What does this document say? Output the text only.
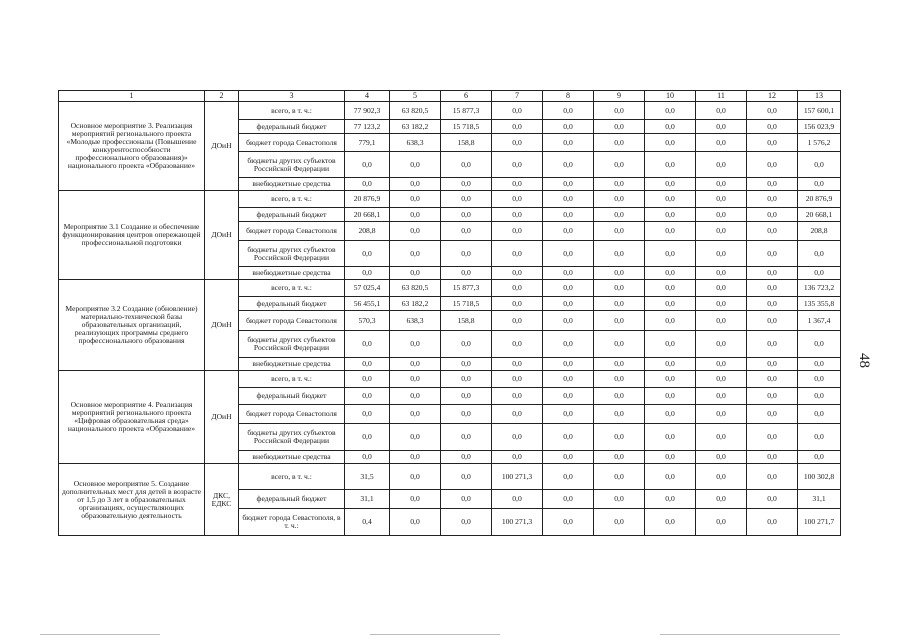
1	2	3	4	5	6	7	8	9	10	11	12	13
Основное мероприятие 3. Реализация мероприятий регионального проекта «Молодые профессионалы (Повышение конкурентоспособности профессионального образования)» национального проекта «Образование»	ДОиН	всего, в т. ч.:	77 902,3	63 820,5	15 877,3	0,0	0,0	0,0	0,0	0,0	0,0	157 600,1
		федеральный бюджет	77 123,2	63 182,2	15 718,5	0,0	0,0	0,0	0,0	0,0	0,0	156 023,9
		бюджет города Севастополя	779,1	638,3	158,8	0,0	0,0	0,0	0,0	0,0	0,0	1 576,2
		бюджеты других субъектов Российской Федерации	0,0	0,0	0,0	0,0	0,0	0,0	0,0	0,0	0,0	0,0
		внебюджетные средства	0,0	0,0	0,0	0,0	0,0	0,0	0,0	0,0	0,0	0,0
Мероприятие 3.1 Создание и обеспечение функционирования центров опережающей профессиональной подготовки	ДОиН	всего, в т. ч.:	20 876,9	0,0	0,0	0,0	0,0	0,0	0,0	0,0	0,0	20 876,9
		федеральный бюджет	20 668,1	0,0	0,0	0,0	0,0	0,0	0,0	0,0	0,0	20 668,1
		бюджет города Севастополя	208,8	0,0	0,0	0,0	0,0	0,0	0,0	0,0	0,0	208,8
		бюджеты других субъектов Российской Федерации	0,0	0,0	0,0	0,0	0,0	0,0	0,0	0,0	0,0	0,0
		внебюджетные средства	0,0	0,0	0,0	0,0	0,0	0,0	0,0	0,0	0,0	0,0
Мероприятие 3.2 Создание (обновление) материально-технической базы образовательных организаций, реализующих программы среднего профессионального образования	ДОиН	всего, в т. ч.:	57 025,4	63 820,5	15 877,3	0,0	0,0	0,0	0,0	0,0	0,0	136 723,2
		федеральный бюджет	56 455,1	63 182,2	15 718,5	0,0	0,0	0,0	0,0	0,0	0,0	135 355,8
		бюджет города Севастополя	570,3	638,3	158,8	0,0	0,0	0,0	0,0	0,0	0,0	1 367,4
		бюджеты других субъектов Российской Федерации	0,0	0,0	0,0	0,0	0,0	0,0	0,0	0,0	0,0	0,0
		внебюджетные средства	0,0	0,0	0,0	0,0	0,0	0,0	0,0	0,0	0,0	0,0
Основное мероприятие 4. Реализация мероприятий регионального проекта «Цифровая образовательная среда» национального проекта «Образование»	ДОиН	всего, в т. ч.:	0,0	0,0	0,0	0,0	0,0	0,0	0,0	0,0	0,0	0,0
		федеральный бюджет	0,0	0,0	0,0	0,0	0,0	0,0	0,0	0,0	0,0	0,0
		бюджет города Севастополя	0,0	0,0	0,0	0,0	0,0	0,0	0,0	0,0	0,0	0,0
		бюджеты других субъектов Российской Федерации	0,0	0,0	0,0	0,0	0,0	0,0	0,0	0,0	0,0	0,0
		внебюджетные средства	0,0	0,0	0,0	0,0	0,0	0,0	0,0	0,0	0,0	0,0
Основное мероприятие 5. Создание дополнительных мест для детей в возрасте от 1,5 до 3 лет в образовательных организациях, осуществляющих образовательную деятельность	ДКС, ЕДКС	всего, в т. ч.:	31,5	0,0	0,0	100 271,3	0,0	0,0	0,0	0,0	0,0	100 302,8
		федеральный бюджет	31,1	0,0	0,0	0,0	0,0	0,0	0,0	0,0	0,0	31,1
		бюджет города Севастополя, в т. ч.:	0,4	0,0	0,0	100 271,3	0,0	0,0	0,0	0,0	0,0	100 271,7
48
